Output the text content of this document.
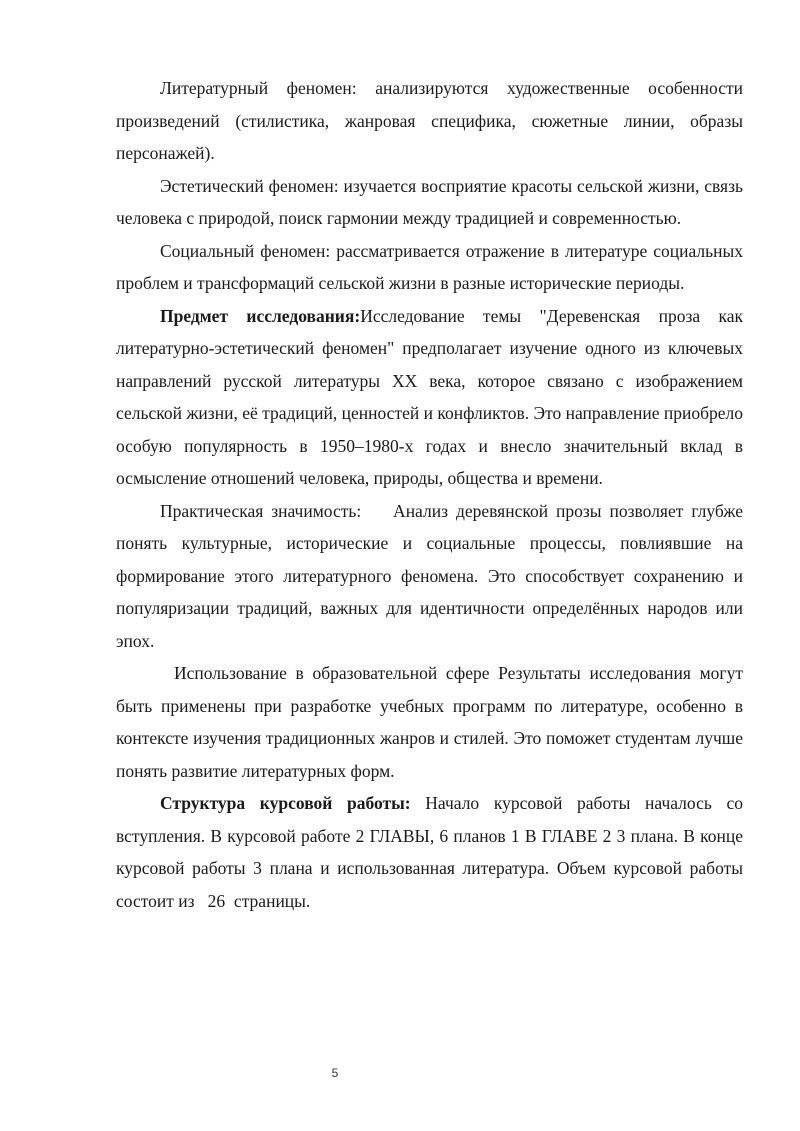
Литературный феномен: анализируются художественные особенности произведений (стилистика, жанровая специфика, сюжетные линии, образы персонажей).

Эстетический феномен: изучается восприятие красоты сельской жизни, связь человека с природой, поиск гармонии между традицией и современностью.

Социальный феномен: рассматривается отражение в литературе социальных проблем и трансформаций сельской жизни в разные исторические периоды.

Предмет исследования:Исследование темы "Деревенская проза как литературно-эстетический феномен" предполагает изучение одного из ключевых направлений русской литературы XX века, которое связано с изображением сельской жизни, её традиций, ценностей и конфликтов. Это направление приобрело особую популярность в 1950–1980-х годах и внесло значительный вклад в осмысление отношений человека, природы, общества и времени.

Практическая значимость:    Анализ деревянской прозы позволяет глубже понять культурные, исторические и социальные процессы, повлиявшие на формирование этого литературного феномена. Это способствует сохранению и популяризации традиций, важных для идентичности определённых народов или эпох.

Использование в образовательной сфере Результаты исследования могут быть применены при разработке учебных программ по литературе, особенно в контексте изучения традиционных жанров и стилей. Это поможет студентам лучше понять развитие литературных форм.

Структура курсовой работы: Начало курсовой работы началось со вступления. В курсовой работе 2 ГЛАВЫ, 6 планов 1 В ГЛАВЕ 2 3 плана. В конце курсовой работы 3 плана и использованная литература. Объем курсовой работы состоит из   26  страницы.

5
